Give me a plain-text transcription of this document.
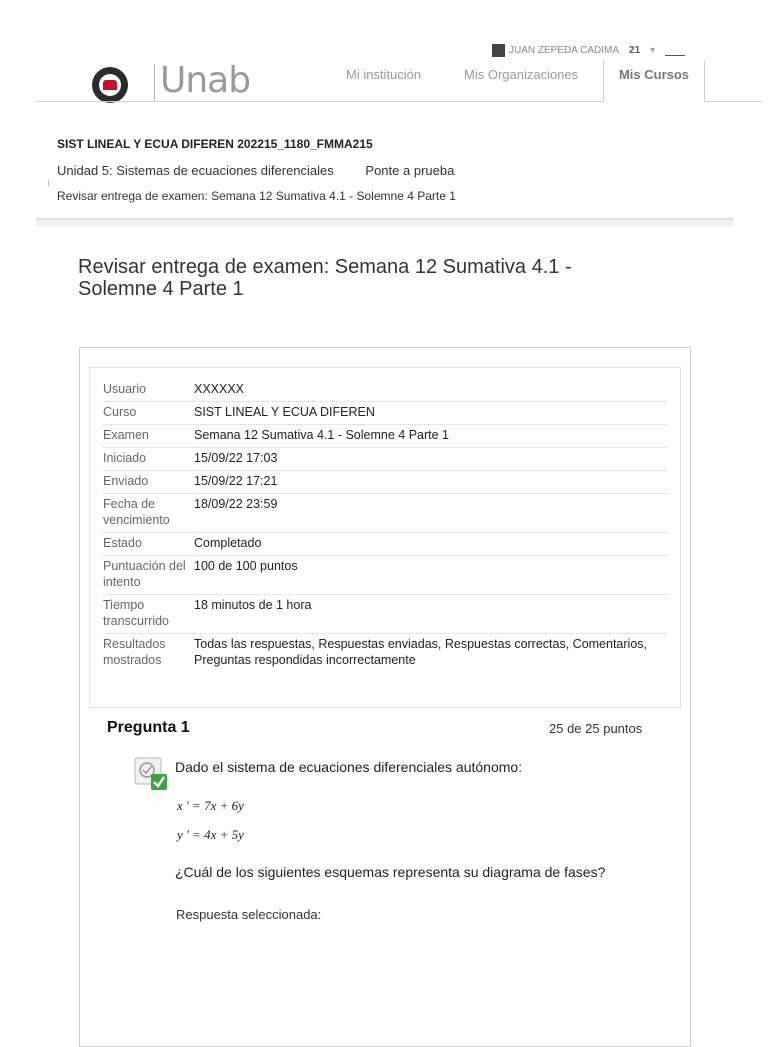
Unab
JUAN ZEPEDA CADIMA 21 ▼
Mi institución	Mis Organizaciones	Mis Cursos
SIST LINEAL Y ECUA DIFEREN 202215_1180_FMMA215
Unidad 5: Sistemas de ecuaciones diferenciales Ponte a prueba
Revisar entrega de examen: Semana 12 Sumativa 4.1 - Solemne 4 Parte 1
Revisar entrega de examen: Semana 12 Sumativa 4.1 - Solemne 4 Parte 1
Usuario	XXXXXX
Curso	SIST LINEAL Y ECUA DIFEREN
Examen	Semana 12 Sumativa 4.1 - Solemne 4 Parte 1
Iniciado	15/09/22 17:03
Enviado	15/09/22 17:21
Fecha de vencimiento	18/09/22 23:59
Estado	Completado
Puntuación del intento	100 de 100 puntos
Tiempo transcurrido	18 minutos de 1 hora
Resultados mostrados	Todas las respuestas, Respuestas enviadas, Respuestas correctas, Comentarios, Preguntas respondidas incorrectamente
Pregunta 1	25 de 25 puntos
Dado el sistema de ecuaciones diferenciales autónomo:
x ' = 7x + 6y
y ' = 4x + 5y
¿Cuál de los siguientes esquemas representa su diagrama de fases?
Respuesta seleccionada:
